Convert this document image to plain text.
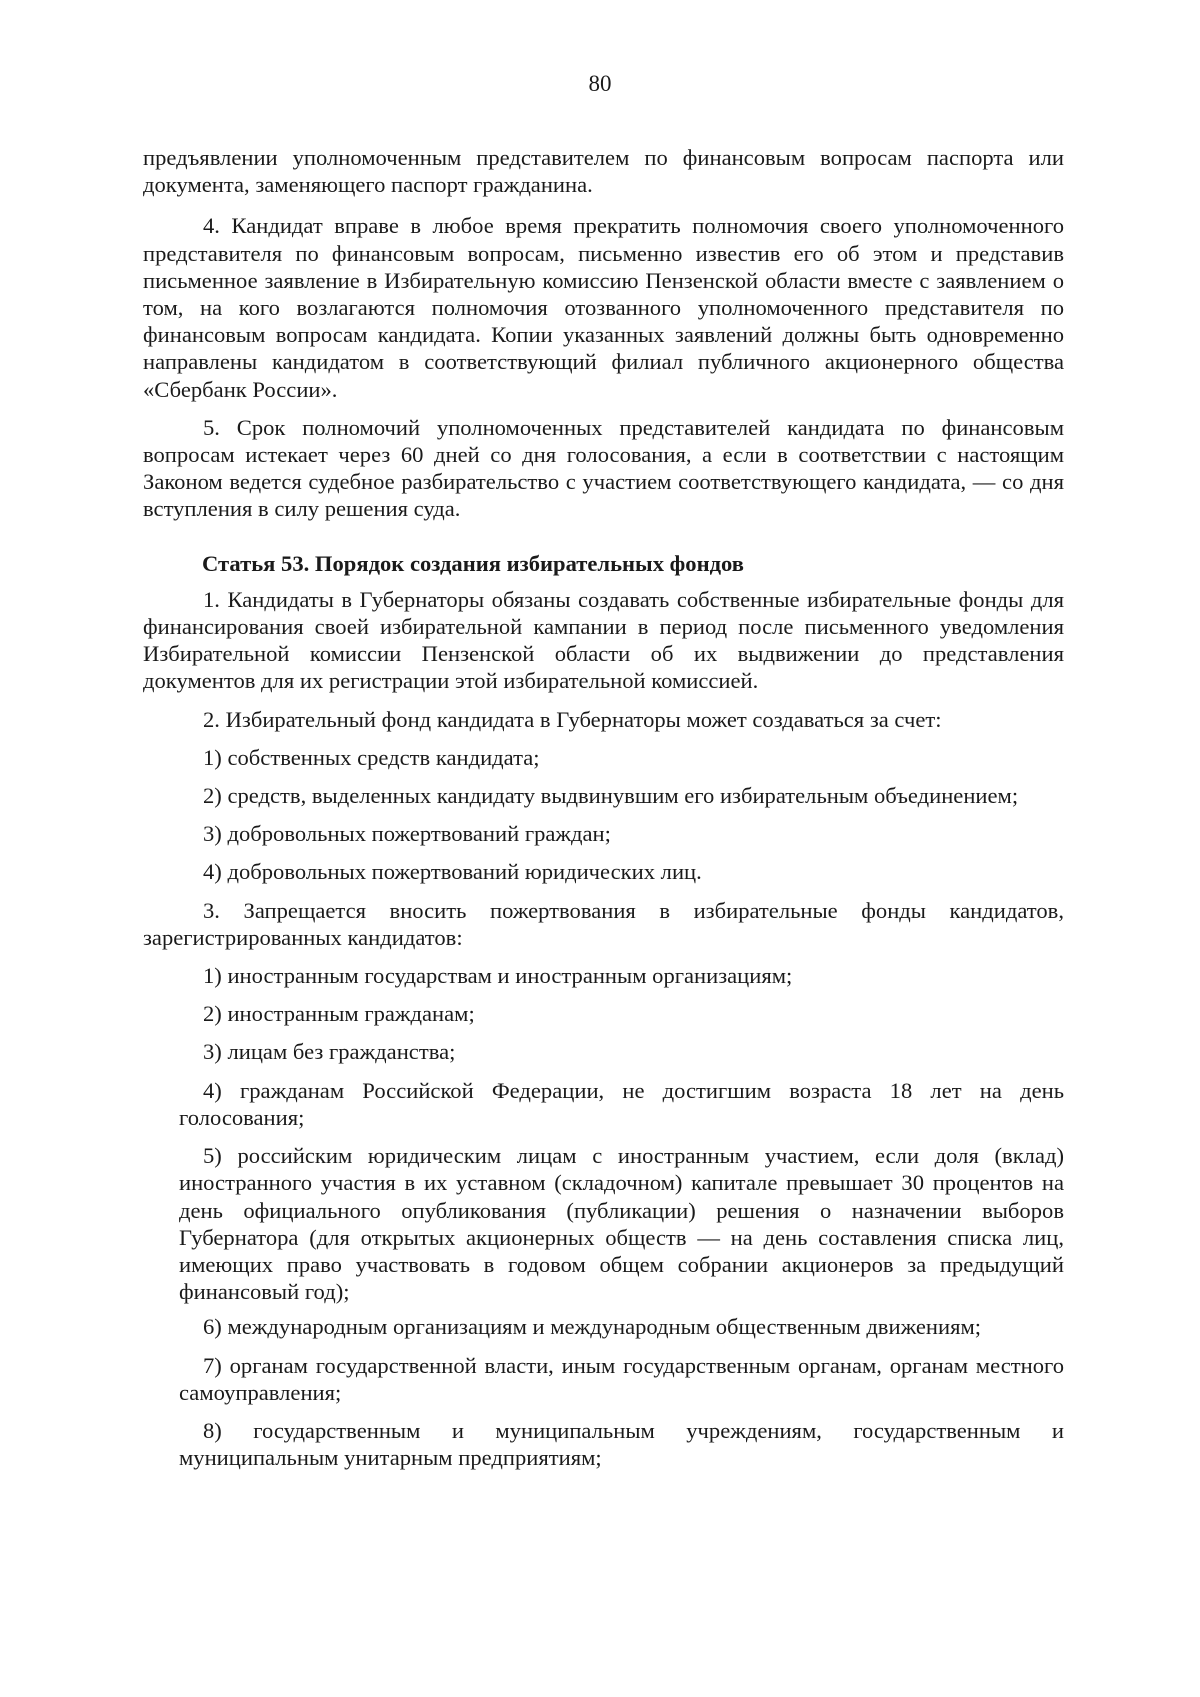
80

предъявлении уполномоченным представителем по финансовым вопросам паспорта или документа, заменяющего паспорт гражданина.

4. Кандидат вправе в любое время прекратить полномочия своего уполномоченного представителя по финансовым вопросам, письменно известив его об этом и представив письменное заявление в Избирательную комиссию Пензенской области вместе с заявлением о том, на кого возлагаются полномочия отозванного уполномоченного представителя по финансовым вопросам кандидата. Копии указанных заявлений должны быть одновременно направлены кандидатом в соответствующий филиал публичного акционерного общества «Сбербанк России».

5. Срок полномочий уполномоченных представителей кандидата по финансовым вопросам истекает через 60 дней со дня голосования, а если в соответствии с настоящим Законом ведется судебное разбирательство с участием соответствующего кандидата, — со дня вступления в силу решения суда.

Статья 53. Порядок создания избирательных фондов

1. Кандидаты в Губернаторы обязаны создавать собственные избирательные фонды для финансирования своей избирательной кампании в период после письменного уведомления Избирательной комиссии Пензенской области об их выдвижении до представления документов для их регистрации этой избирательной комиссией.

2. Избирательный фонд кандидата в Губернаторы может создаваться за счет:

1) собственных средств кандидата;

2) средств, выделенных кандидату выдвинувшим его избирательным объединением;

3) добровольных пожертвований граждан;

4) добровольных пожертвований юридических лиц.

3. Запрещается вносить пожертвования в избирательные фонды кандидатов, зарегистрированных кандидатов:

1) иностранным государствам и иностранным организациям;

2) иностранным гражданам;

3) лицам без гражданства;

4) гражданам Российской Федерации, не достигшим возраста 18 лет на день голосования;

5) российским юридическим лицам с иностранным участием, если доля (вклад) иностранного участия в их уставном (складочном) капитале превышает 30 процентов на день официального опубликования (публикации) решения о назначении выборов Губернатора (для открытых акционерных обществ — на день составления списка лиц, имеющих право участвовать в годовом общем собрании акционеров за предыдущий финансовый год);

6) международным организациям и международным общественным движениям;

7) органам государственной власти, иным государственным органам, органам местного самоуправления;

8) государственным и муниципальным учреждениям, государственным и муниципальным унитарным предприятиям;
